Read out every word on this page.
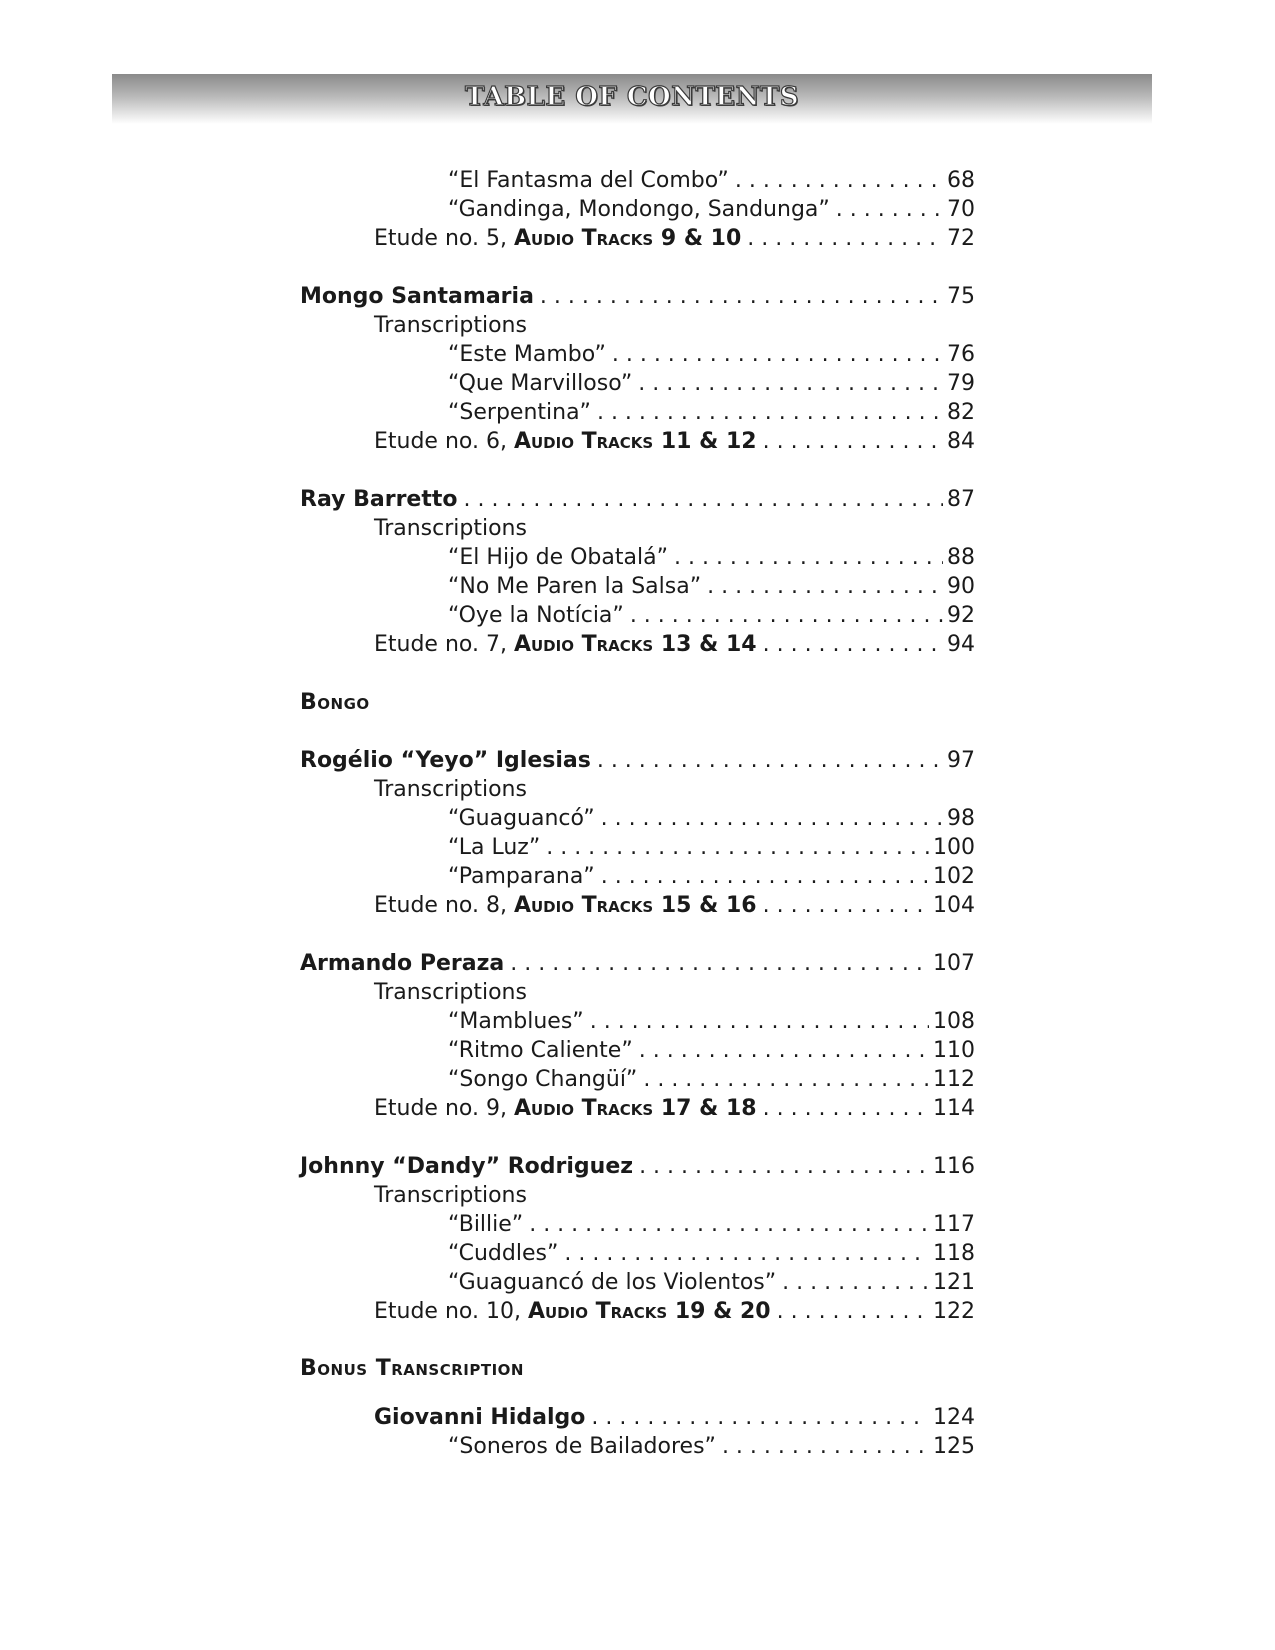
TABLE OF CONTENTS
“El Fantasma del Combo” . . .	68
“Gandinga, Mondongo, Sandunga” . . .	70
Etude no. 5, Audio Tracks 9 & 10 . . .	72
Mongo Santamaria . . .	75
Transcriptions
“Este Mambo” . . .	76
“Que Marvilloso” . . .	79
“Serpentina” . . .	82
Etude no. 6, Audio Tracks 11 & 12 . . .	84
Ray Barretto . . .	87
Transcriptions
“El Hijo de Obatalá” . . .	88
“No Me Paren la Salsa” . . .	90
“Oye la Notícia” . . .	92
Etude no. 7, Audio Tracks 13 & 14 . . .	94
Bongo
Rogélio “Yeyo” Iglesias . . .	97
Transcriptions
“Guaguancó” . . .	98
“La Luz” . . .	100
“Pamparana” . . .	102
Etude no. 8, Audio Tracks 15 & 16 . . .	104
Armando Peraza . . .	107
Transcriptions
“Mamblues” . . .	108
“Ritmo Caliente” . . .	110
“Songo Changüí” . . .	112
Etude no. 9, Audio Tracks 17 & 18 . . .	114
Johnny “Dandy” Rodriguez . . .	116
Transcriptions
“Billie” . . .	117
“Cuddles” . . .	118
“Guaguancó de los Violentos” . . .	121
Etude no. 10, Audio Tracks 19 & 20 . . .	122
Bonus Transcription
Giovanni Hidalgo . . .	124
“Soneros de Bailadores” . . .	125
